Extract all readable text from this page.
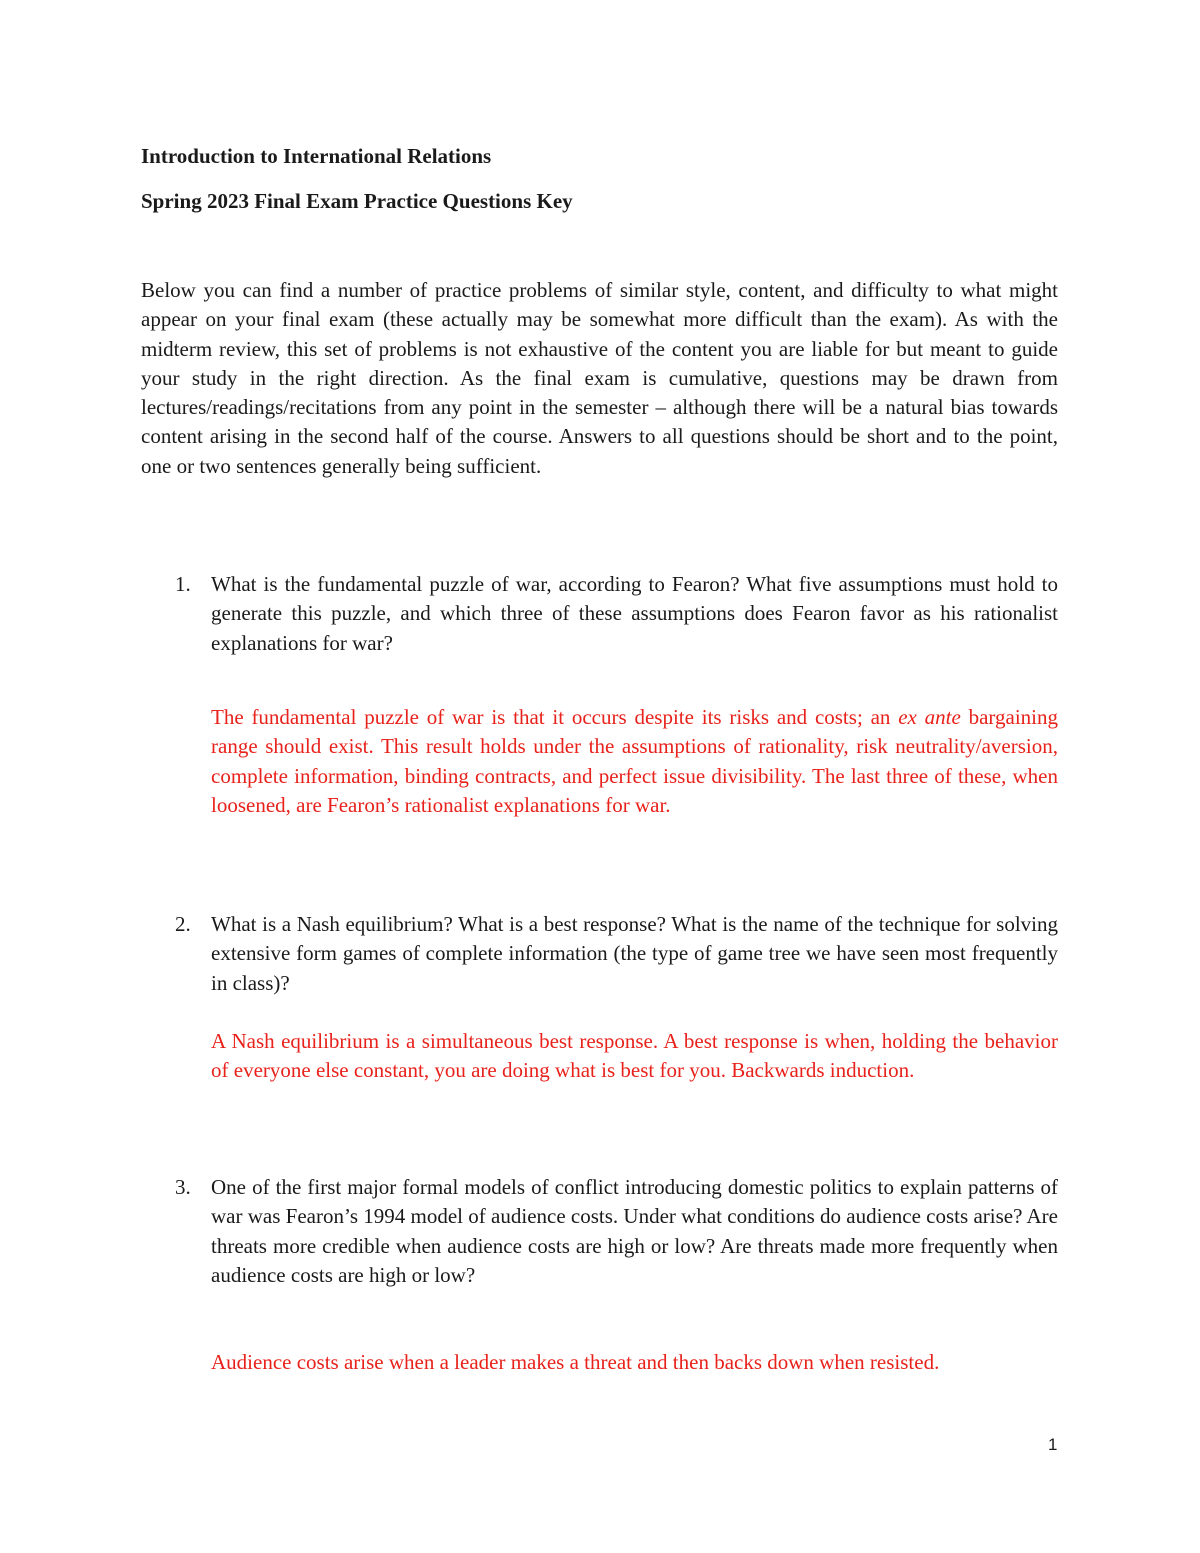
Introduction to International Relations
Spring 2023 Final Exam Practice Questions Key

Below you can find a number of practice problems of similar style, content, and difficulty to what might appear on your final exam (these actually may be somewhat more difficult than the exam). As with the midterm review, this set of problems is not exhaustive of the content you are liable for but meant to guide your study in the right direction. As the final exam is cumulative, questions may be drawn from lectures/readings/recitations from any point in the semester – although there will be a natural bias towards content arising in the second half of the course. Answers to all questions should be short and to the point, one or two sentences generally being sufficient.

1. What is the fundamental puzzle of war, according to Fearon? What five assumptions must hold to generate this puzzle, and which three of these assumptions does Fearon favor as his rationalist explanations for war?

The fundamental puzzle of war is that it occurs despite its risks and costs; an ex ante bargaining range should exist. This result holds under the assumptions of rationality, risk neutrality/aversion, complete information, binding contracts, and perfect issue divisibility. The last three of these, when loosened, are Fearon’s rationalist explanations for war.

2. What is a Nash equilibrium? What is a best response? What is the name of the technique for solving extensive form games of complete information (the type of game tree we have seen most frequently in class)?

A Nash equilibrium is a simultaneous best response. A best response is when, holding the behavior of everyone else constant, you are doing what is best for you. Backwards induction.

3. One of the first major formal models of conflict introducing domestic politics to explain patterns of war was Fearon’s 1994 model of audience costs. Under what conditions do audience costs arise? Are threats more credible when audience costs are high or low? Are threats made more frequently when audience costs are high or low?

Audience costs arise when a leader makes a threat and then backs down when resisted.

1
